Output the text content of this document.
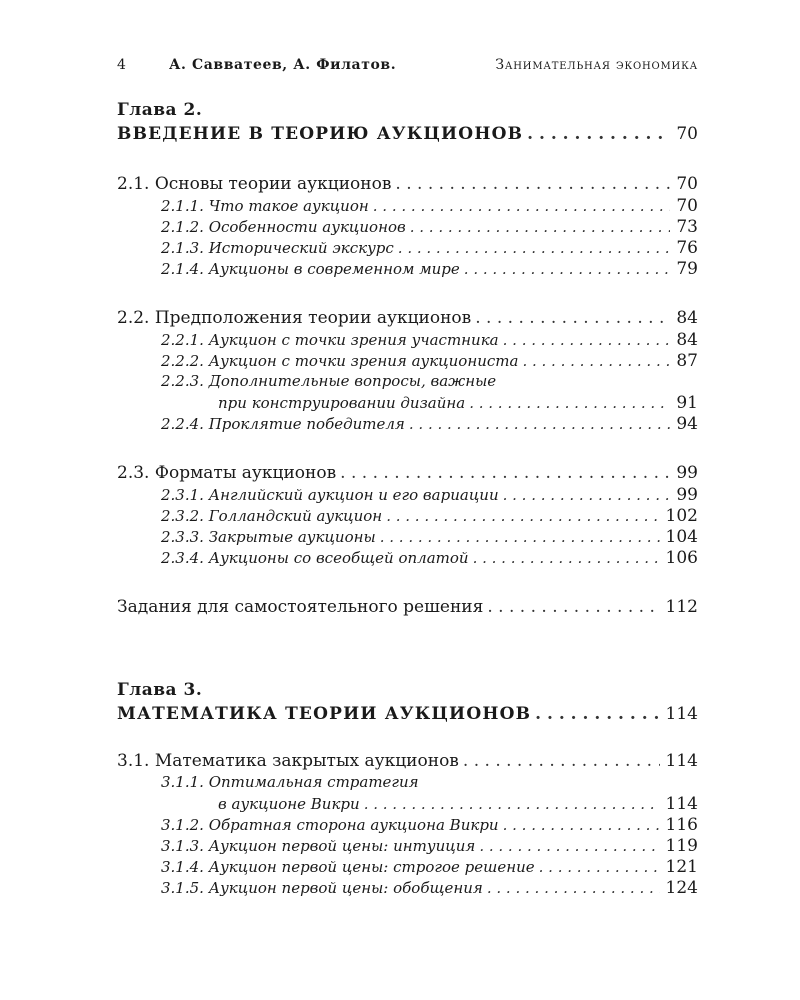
4	А. Савватеев, А. Филатов.	Занимательная экономика
Глава 2.
ВВЕДЕНИЕ В ТЕОРИЮ АУКЦИОНОВ . . .	70
2.1. Основы теории аукционов . . .	70
2.1.1. Что такое аукцион . . .	70
2.1.2. Особенности аукционов . . .	73
2.1.3. Исторический экскурс . . .	76
2.1.4. Аукционы в современном мире . . .	79
2.2. Предположения теории аукционов . . .	84
2.2.1. Аукцион с точки зрения участника . . .	84
2.2.2. Аукцион с точки зрения аукциониста . . .	87
2.2.3. Дополнительные вопросы, важные
при конструировании дизайна . . .	91
2.2.4. Проклятие победителя . . .	94
2.3. Форматы аукционов . . .	99
2.3.1. Английский аукцион и его вариации . . .	99
2.3.2. Голландский аукцион . . .	102
2.3.3. Закрытые аукционы . . .	104
2.3.4. Аукционы со всеобщей оплатой . . .	106
Задания для самостоятельного решения . . .	112
Глава 3.
МАТЕМАТИКА ТЕОРИИ АУКЦИОНОВ . . .	114
3.1. Математика закрытых аукционов . . .	114
3.1.1. Оптимальная стратегия
в аукционе Викри . . .	114
3.1.2. Обратная сторона аукциона Викри . . .	116
3.1.3. Аукцион первой цены: интуиция . . .	119
3.1.4. Аукцион первой цены: строгое решение . . .	121
3.1.5. Аукцион первой цены: обобщения . . .	124
